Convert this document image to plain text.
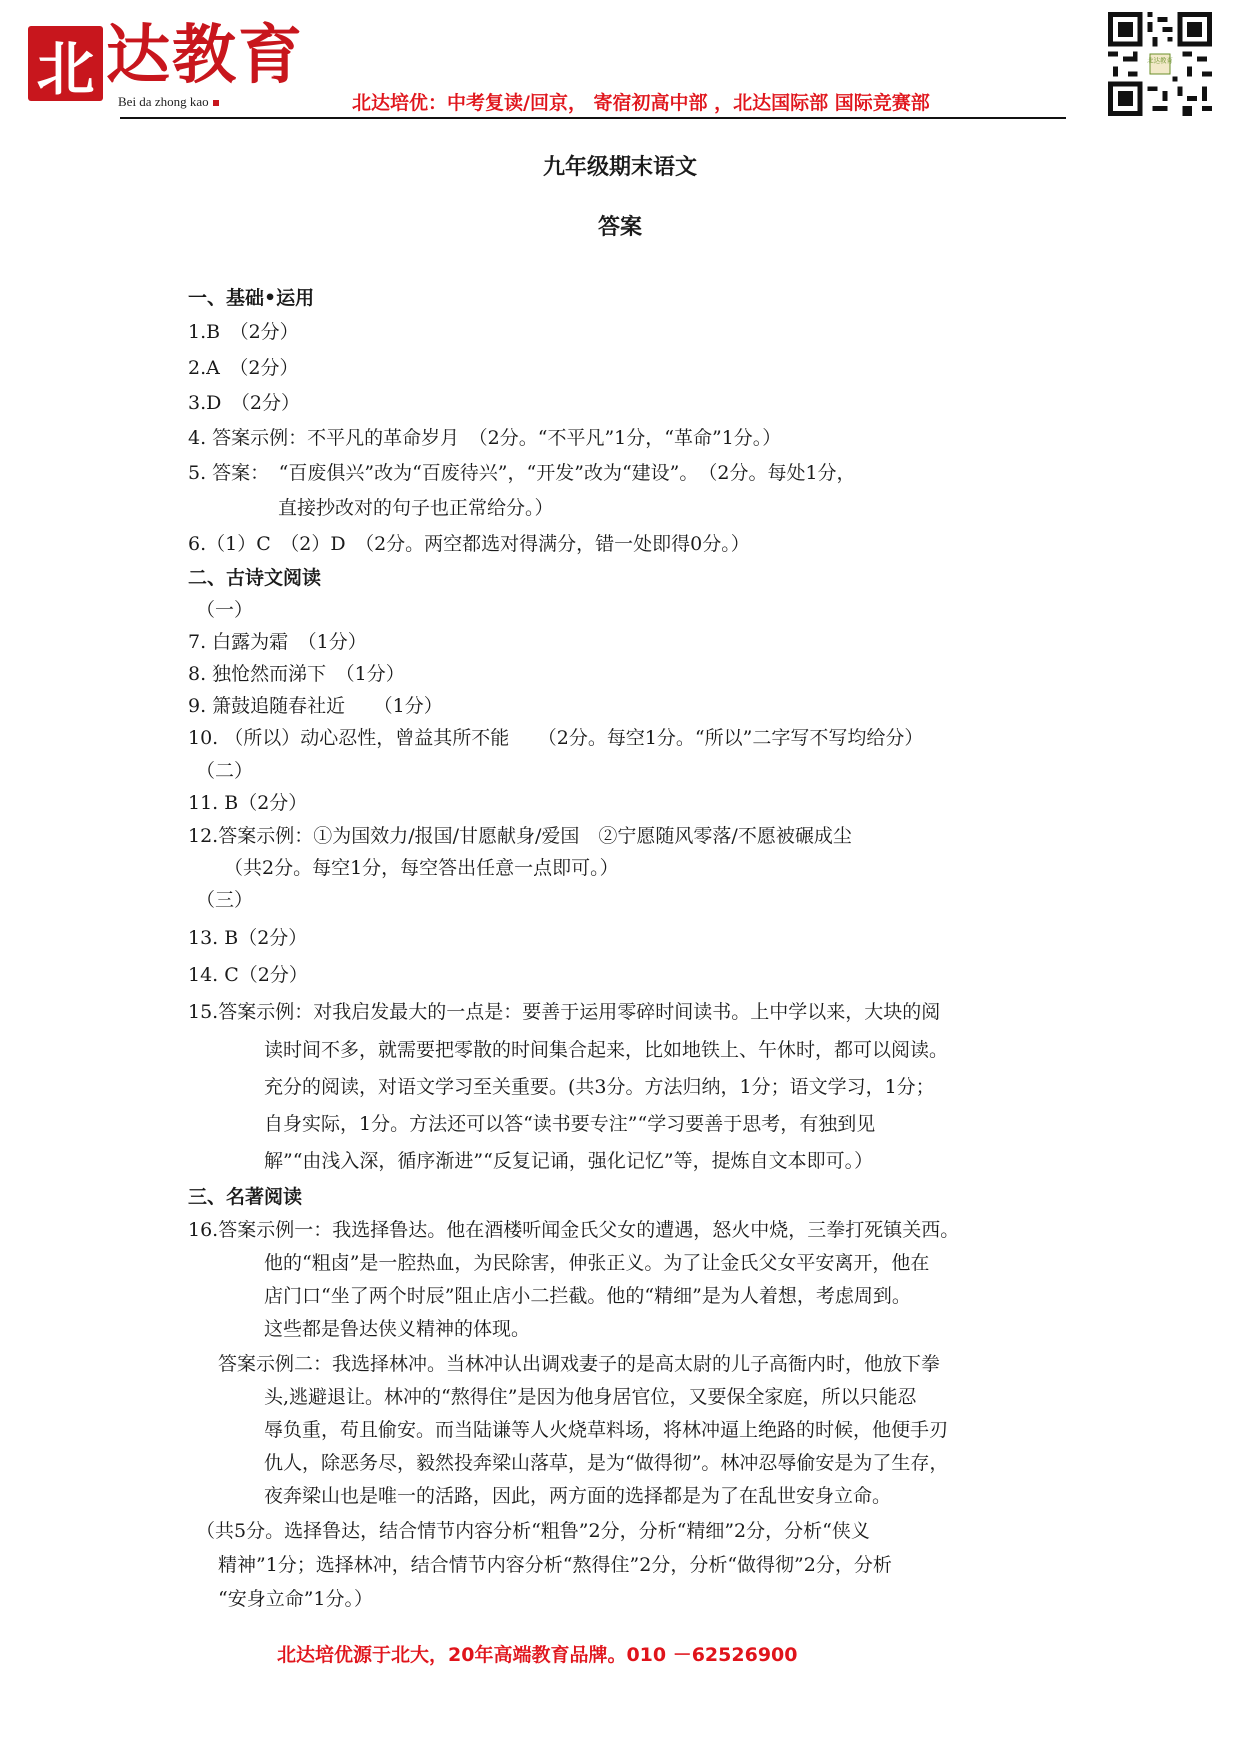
北 达教育
Bei da zhong kao	北达培优：中考复读/回京， 寄宿初高中部 ，北达国际部 国际竞赛部
北达教育
九年级期末语文
答案
一、基础•运用
1.B　（2分）
2.A　（2分）
3.D　（2分）
4. 答案示例：不平凡的革命岁月　（2分。“不平凡”1分，“革命”1分。）
5. 答案：　“百废俱兴”改为“百废待兴”，“开发”改为“建设”。　（2分。每处1分，
直接抄改对的句子也正常给分。）
6.（1）C　（2）D　（2分。两空都选对得满分，错一处即得0分。）
二、古诗文阅读
（一）
7. 白露为霜　（1分）
8. 独怆然而涕下　（1分）
9. 箫鼓追随春社近　　（1分）
10. （所以）动心忍性，曾益其所不能　　（2分。每空1分。“所以”二字写不写均给分）
（二）
11. B（2分）
12.答案示例：①为国效力/报国/甘愿献身/爱国　②宁愿随风零落/不愿被碾成尘
（共2分。每空1分，每空答出任意一点即可。）
（三）
13. B（2分）
14. C（2分）
15.答案示例：对我启发最大的一点是：要善于运用零碎时间读书。上中学以来，大块的阅
读时间不多，就需要把零散的时间集合起来，比如地铁上、午休时，都可以阅读。
充分的阅读，对语文学习至关重要。(共3分。方法归纳，1分；语文学习，1分；
自身实际，1分。方法还可以答“读书要专注”“学习要善于思考，有独到见
解”“由浅入深，循序渐进”“反复记诵，强化记忆”等，提炼自文本即可。）
三、名著阅读
16.答案示例一：我选择鲁达。他在酒楼听闻金氏父女的遭遇，怒火中烧，三拳打死镇关西。
他的“粗卤”是一腔热血，为民除害，伸张正义。为了让金氏父女平安离开，他在
店门口“坐了两个时辰”阻止店小二拦截。他的“精细”是为人着想，考虑周到。
这些都是鲁达侠义精神的体现。
答案示例二：我选择林冲。当林冲认出调戏妻子的是高太尉的儿子高衙内时，他放下拳
头,逃避退让。林冲的“熬得住”是因为他身居官位，又要保全家庭，所以只能忍
辱负重，苟且偷安。而当陆谦等人火烧草料场，将林冲逼上绝路的时候，他便手刃
仇人，除恶务尽，毅然投奔梁山落草，是为“做得彻”。林冲忍辱偷安是为了生存，
夜奔梁山也是唯一的活路，因此，两方面的选择都是为了在乱世安身立命。
（共5分。选择鲁达，结合情节内容分析“粗鲁”2分，分析“精细”2分，分析“侠义
精神”1分；选择林冲，结合情节内容分析“熬得住”2分，分析“做得彻”2分，分析
“安身立命”1分。）
北达培优源于北大，20年高端教育品牌。010 －62526900
